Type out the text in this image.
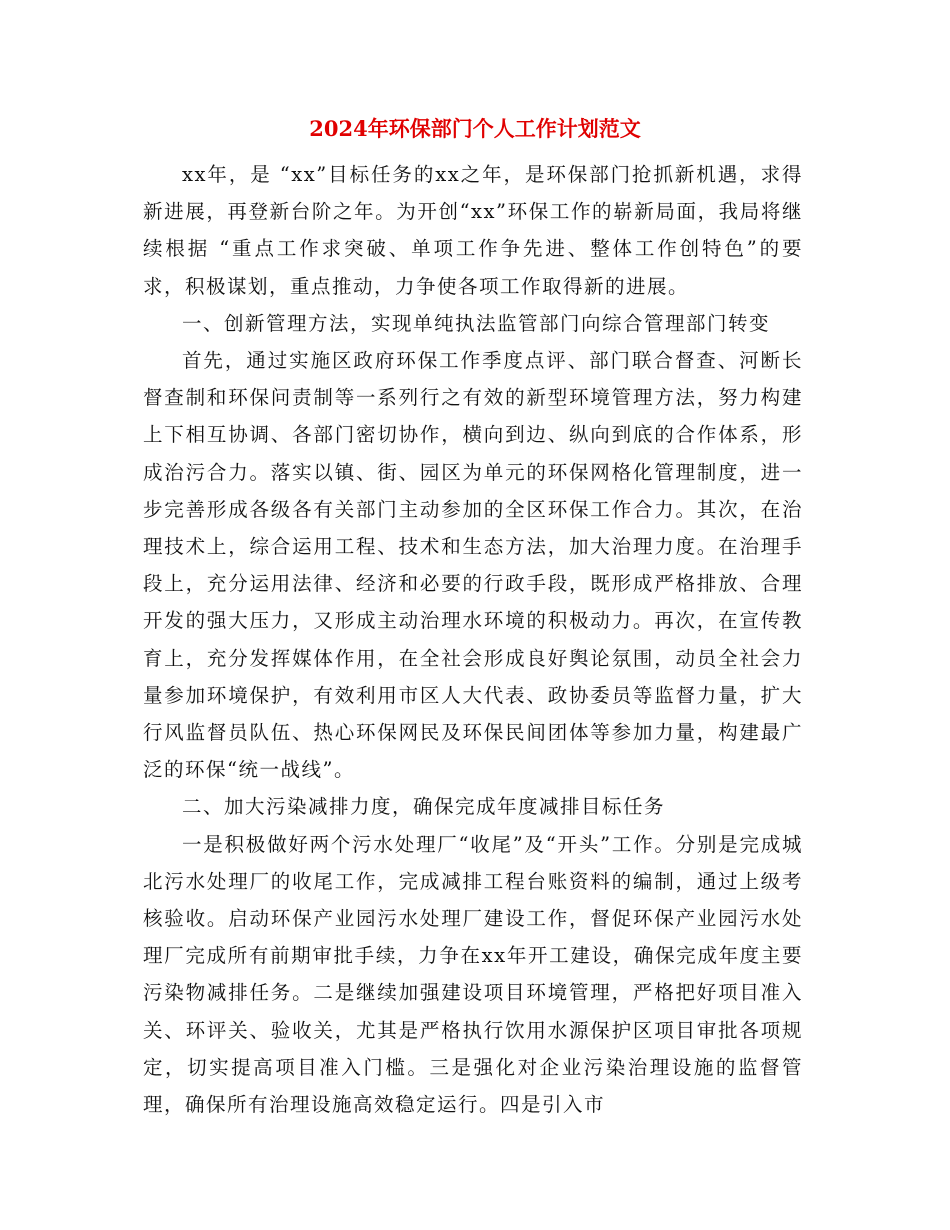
2024年环保部门个人工作计划范文

xx年，是 “xx”目标任务的xx之年，是环保部门抢抓新机遇，求得新进展，再登新台阶之年。为开创“xx”环保工作的崭新局面，我局将继续根据 “重点工作求突破、单项工作争先进、整体工作创特色”的要求，积极谋划，重点推动，力争使各项工作取得新的进展。

一、创新管理方法，实现单纯执法监管部门向综合管理部门转变

首先，通过实施区政府环保工作季度点评、部门联合督查、河断长督查制和环保问责制等一系列行之有效的新型环境管理方法，努力构建上下相互协调、各部门密切协作，横向到边、纵向到底的合作体系，形成治污合力。落实以镇、街、园区为单元的环保网格化管理制度，进一步完善形成各级各有关部门主动参加的全区环保工作合力。其次，在治理技术上，综合运用工程、技术和生态方法，加大治理力度。在治理手段上，充分运用法律、经济和必要的行政手段，既形成严格排放、合理开发的强大压力，又形成主动治理水环境的积极动力。再次，在宣传教育上，充分发挥媒体作用，在全社会形成良好舆论氛围，动员全社会力量参加环境保护，有效利用市区人大代表、政协委员等监督力量，扩大行风监督员队伍、热心环保网民及环保民间团体等参加力量，构建最广泛的环保“统一战线”。

二、加大污染减排力度，确保完成年度减排目标任务

一是积极做好两个污水处理厂“收尾”及“开头”工作。分别是完成城北污水处理厂的收尾工作，完成减排工程台账资料的编制，通过上级考核验收。启动环保产业园污水处理厂建设工作，督促环保产业园污水处理厂完成所有前期审批手续，力争在xx年开工建设，确保完成年度主要污染物减排任务。二是继续加强建设项目环境管理，严格把好项目准入关、环评关、验收关，尤其是严格执行饮用水源保护区项目审批各项规定，切实提高项目准入门槛。三是强化对企业污染治理设施的监督管理，确保所有治理设施高效稳定运行。四是引入市
